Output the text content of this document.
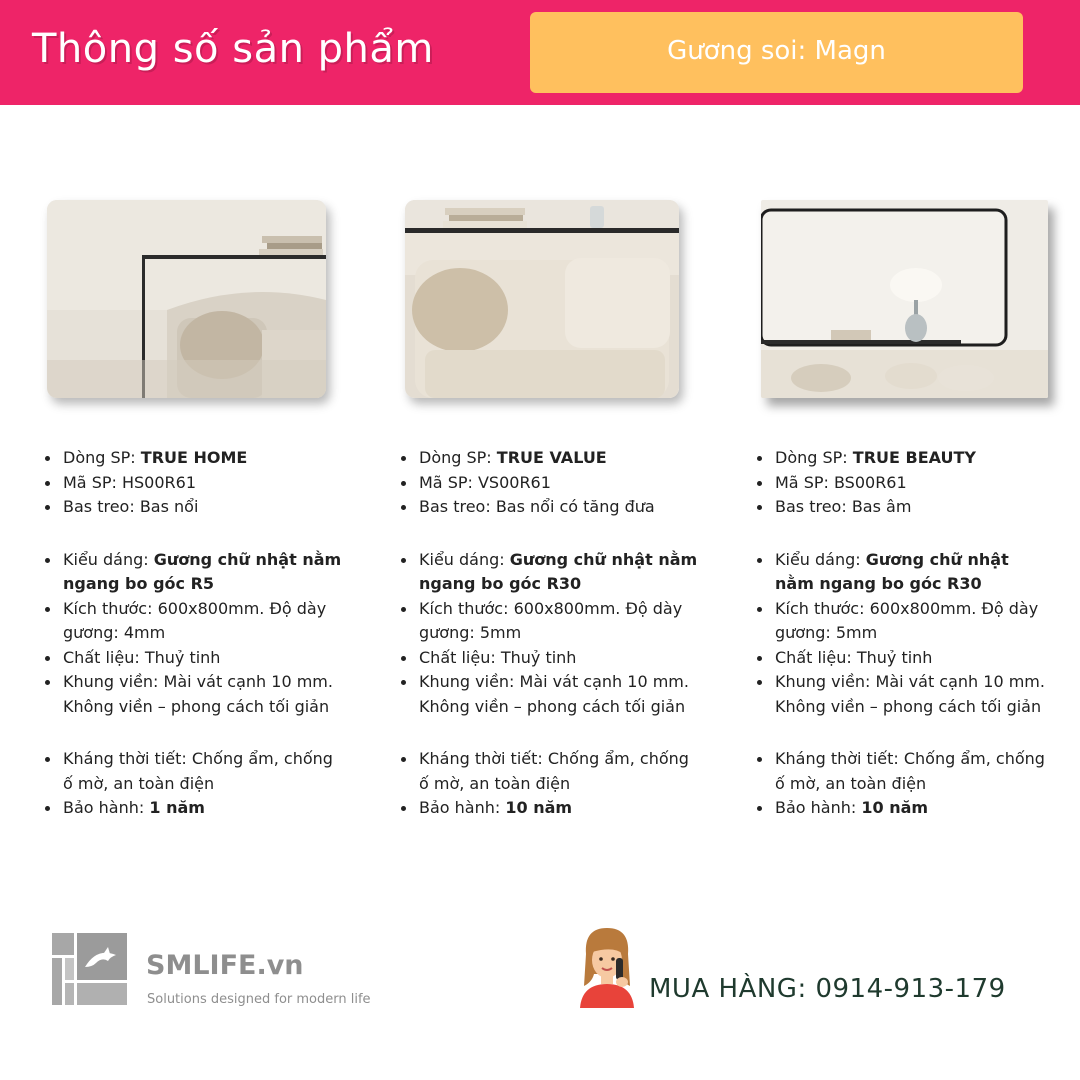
Thông số sản phẩm	Gương soi: Magn
Dòng SP: TRUE HOME
Mã SP: HS00R61
Bas treo: Bas nổi
Kiểu dáng: Gương chữ nhật nằm ngang bo góc R5
Kích thước: 600x800mm. Độ dày gương: 4mm
Chất liệu: Thuỷ tinh
Khung viền: Mài vát cạnh 10 mm. Không viền – phong cách tối giản
Kháng thời tiết: Chống ẩm, chống ố mờ, an toàn điện
Bảo hành: 1 năm
Dòng SP: TRUE VALUE
Mã SP: VS00R61
Bas treo: Bas nổi có tăng đưa
Kiểu dáng: Gương chữ nhật nằm ngang bo góc R30
Kích thước: 600x800mm. Độ dày gương: 5mm
Chất liệu: Thuỷ tinh
Khung viền: Mài vát cạnh 10 mm. Không viền – phong cách tối giản
Kháng thời tiết: Chống ẩm, chống ố mờ, an toàn điện
Bảo hành: 10 năm
Dòng SP: TRUE BEAUTY
Mã SP: BS00R61
Bas treo: Bas âm
Kiểu dáng: Gương chữ nhật nằm ngang bo góc R30
Kích thước: 600x800mm. Độ dày gương: 5mm
Chất liệu: Thuỷ tinh
Khung viền: Mài vát cạnh 10 mm. Không viền – phong cách tối giản
Kháng thời tiết: Chống ẩm, chống ố mờ, an toàn điện
Bảo hành: 10 năm
SMLIFE.vn
Solutions designed for modern life	MUA HÀNG: 0914-913-179
